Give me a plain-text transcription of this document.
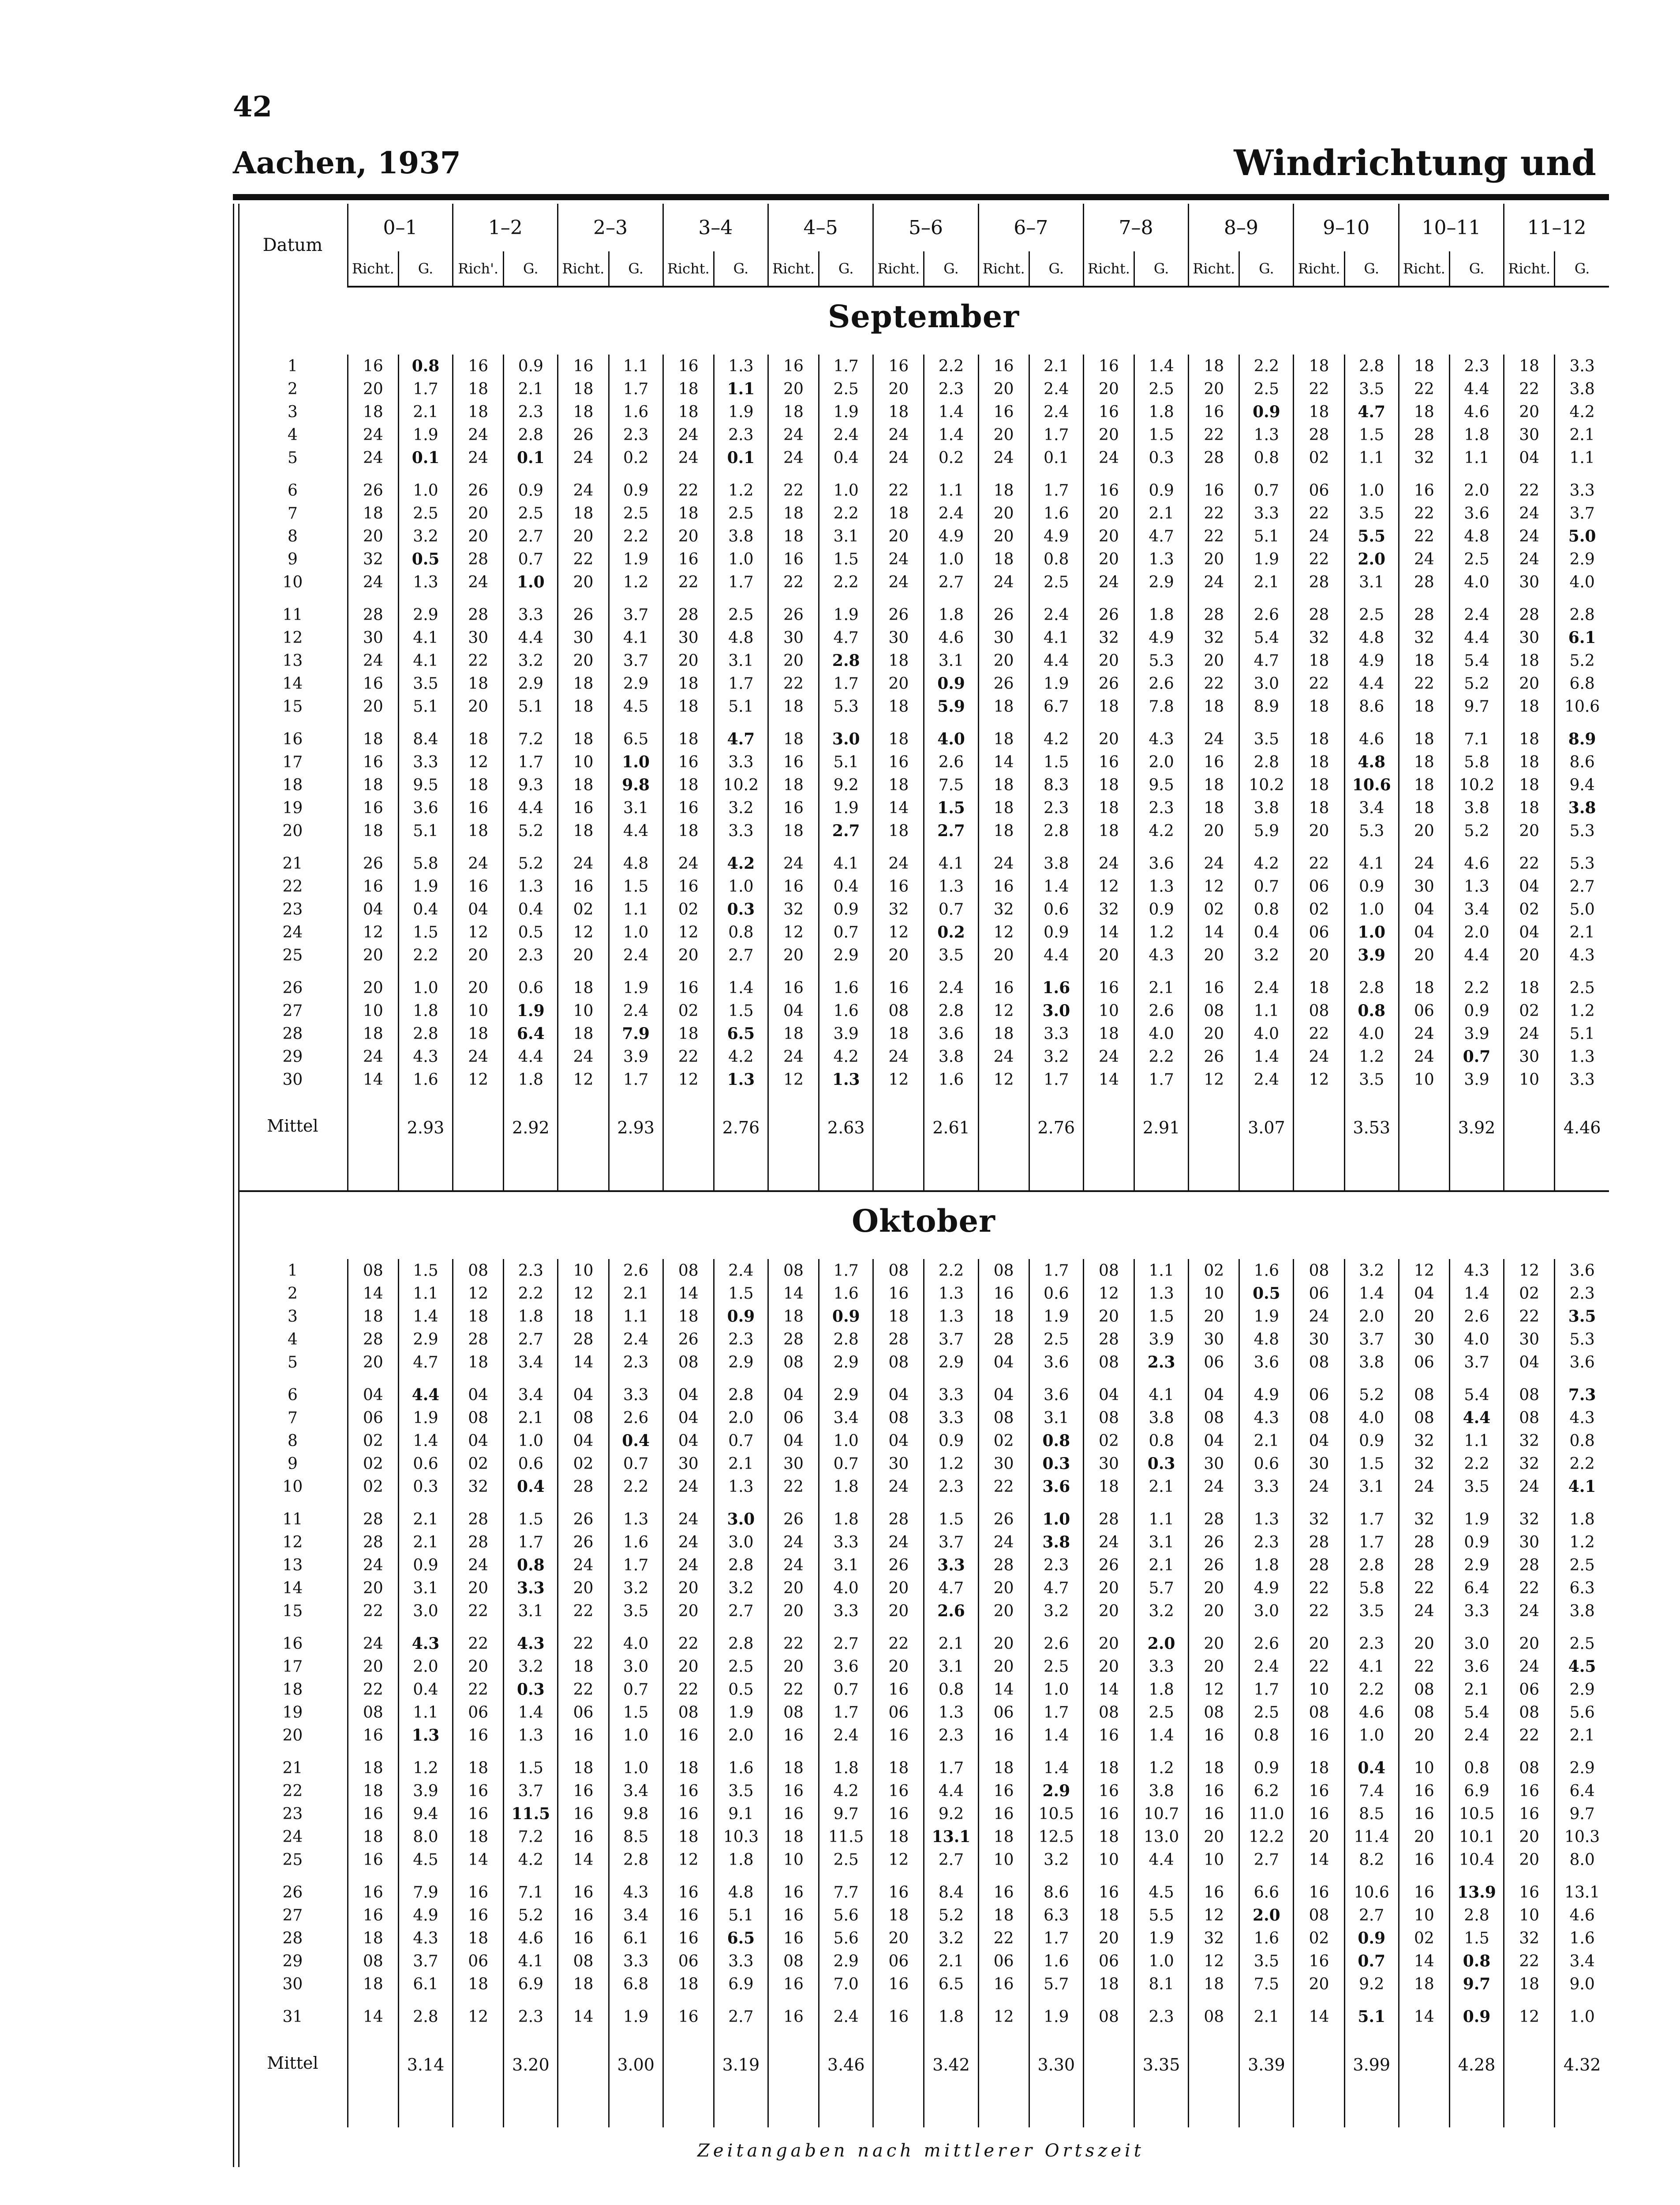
42
Aachen, 1937	Windrichtung und
Datum	0–1		1–2		2–3		3–4		4–5		5–6		6–7		7–8		8–9		9–10		10–11		11–12	
	Richt.	G.	Rich'.	G.	Richt.	G.	Richt.	G.	Richt.	G.	Richt.	G.	Richt.	G.	Richt.	G.	Richt.	G.	Richt.	G.	Richt.	G.	Richt.	G.
September																								

1	16	0.8	16	0.9	16	1.1	16	1.3	16	1.7	16	2.2	16	2.1	16	1.4	18	2.2	18	2.8	18	2.3	18	3.3
2	20	1.7	18	2.1	18	1.7	18	1.1	20	2.5	20	2.3	20	2.4	20	2.5	20	2.5	22	3.5	22	4.4	22	3.8
3	18	2.1	18	2.3	18	1.6	18	1.9	18	1.9	18	1.4	16	2.4	16	1.8	16	0.9	18	4.7	18	4.6	20	4.2
4	24	1.9	24	2.8	26	2.3	24	2.3	24	2.4	24	1.4	20	1.7	20	1.5	22	1.3	28	1.5	28	1.8	30	2.1
5	24	0.1	24	0.1	24	0.2	24	0.1	24	0.4	24	0.2	24	0.1	24	0.3	28	0.8	02	1.1	32	1.1	04	1.1

6	26	1.0	26	0.9	24	0.9	22	1.2	22	1.0	22	1.1	18	1.7	16	0.9	16	0.7	06	1.0	16	2.0	22	3.3
7	18	2.5	20	2.5	18	2.5	18	2.5	18	2.2	18	2.4	20	1.6	20	2.1	22	3.3	22	3.5	22	3.6	24	3.7
8	20	3.2	20	2.7	20	2.2	20	3.8	18	3.1	20	4.9	20	4.9	20	4.7	22	5.1	24	5.5	22	4.8	24	5.0
9	32	0.5	28	0.7	22	1.9	16	1.0	16	1.5	24	1.0	18	0.8	20	1.3	20	1.9	22	2.0	24	2.5	24	2.9
10	24	1.3	24	1.0	20	1.2	22	1.7	22	2.2	24	2.7	24	2.5	24	2.9	24	2.1	28	3.1	28	4.0	30	4.0

11	28	2.9	28	3.3	26	3.7	28	2.5	26	1.9	26	1.8	26	2.4	26	1.8	28	2.6	28	2.5	28	2.4	28	2.8
12	30	4.1	30	4.4	30	4.1	30	4.8	30	4.7	30	4.6	30	4.1	32	4.9	32	5.4	32	4.8	32	4.4	30	6.1
13	24	4.1	22	3.2	20	3.7	20	3.1	20	2.8	18	3.1	20	4.4	20	5.3	20	4.7	18	4.9	18	5.4	18	5.2
14	16	3.5	18	2.9	18	2.9	18	1.7	22	1.7	20	0.9	26	1.9	26	2.6	22	3.0	22	4.4	22	5.2	20	6.8
15	20	5.1	20	5.1	18	4.5	18	5.1	18	5.3	18	5.9	18	6.7	18	7.8	18	8.9	18	8.6	18	9.7	18	10.6

16	18	8.4	18	7.2	18	6.5	18	4.7	18	3.0	18	4.0	18	4.2	20	4.3	24	3.5	18	4.6	18	7.1	18	8.9
17	16	3.3	12	1.7	10	1.0	16	3.3	16	5.1	16	2.6	14	1.5	16	2.0	16	2.8	18	4.8	18	5.8	18	8.6
18	18	9.5	18	9.3	18	9.8	18	10.2	18	9.2	18	7.5	18	8.3	18	9.5	18	10.2	18	10.6	18	10.2	18	9.4
19	16	3.6	16	4.4	16	3.1	16	3.2	16	1.9	14	1.5	18	2.3	18	2.3	18	3.8	18	3.4	18	3.8	18	3.8
20	18	5.1	18	5.2	18	4.4	18	3.3	18	2.7	18	2.7	18	2.8	18	4.2	20	5.9	20	5.3	20	5.2	20	5.3

21	26	5.8	24	5.2	24	4.8	24	4.2	24	4.1	24	4.1	24	3.8	24	3.6	24	4.2	22	4.1	24	4.6	22	5.3
22	16	1.9	16	1.3	16	1.5	16	1.0	16	0.4	16	1.3	16	1.4	12	1.3	12	0.7	06	0.9	30	1.3	04	2.7
23	04	0.4	04	0.4	02	1.1	02	0.3	32	0.9	32	0.7	32	0.6	32	0.9	02	0.8	02	1.0	04	3.4	02	5.0
24	12	1.5	12	0.5	12	1.0	12	0.8	12	0.7	12	0.2	12	0.9	14	1.2	14	0.4	06	1.0	04	2.0	04	2.1
25	20	2.2	20	2.3	20	2.4	20	2.7	20	2.9	20	3.5	20	4.4	20	4.3	20	3.2	20	3.9	20	4.4	20	4.3

26	20	1.0	20	0.6	18	1.9	16	1.4	16	1.6	16	2.4	16	1.6	16	2.1	16	2.4	18	2.8	18	2.2	18	2.5
27	10	1.8	10	1.9	10	2.4	02	1.5	04	1.6	08	2.8	12	3.0	10	2.6	08	1.1	08	0.8	06	0.9	02	1.2
28	18	2.8	18	6.4	18	7.9	18	6.5	18	3.9	18	3.6	18	3.3	18	4.0	20	4.0	22	4.0	24	3.9	24	5.1
29	24	4.3	24	4.4	24	3.9	22	4.2	24	4.2	24	3.8	24	3.2	24	2.2	26	1.4	24	1.2	24	0.7	30	1.3
30	14	1.6	12	1.8	12	1.7	12	1.3	12	1.3	12	1.6	12	1.7	14	1.7	12	2.4	12	3.5	10	3.9	10	3.3

Mittel		2.93		2.92		2.93		2.76		2.63		2.61		2.76		2.91		3.07		3.53		3.92		4.46

Oktober																								

1	08	1.5	08	2.3	10	2.6	08	2.4	08	1.7	08	2.2	08	1.7	08	1.1	02	1.6	08	3.2	12	4.3	12	3.6
2	14	1.1	12	2.2	12	2.1	14	1.5	14	1.6	16	1.3	16	0.6	12	1.3	10	0.5	06	1.4	04	1.4	02	2.3
3	18	1.4	18	1.8	18	1.1	18	0.9	18	0.9	18	1.3	18	1.9	20	1.5	20	1.9	24	2.0	20	2.6	22	3.5
4	28	2.9	28	2.7	28	2.4	26	2.3	28	2.8	28	3.7	28	2.5	28	3.9	30	4.8	30	3.7	30	4.0	30	5.3
5	20	4.7	18	3.4	14	2.3	08	2.9	08	2.9	08	2.9	04	3.6	08	2.3	06	3.6	08	3.8	06	3.7	04	3.6

6	04	4.4	04	3.4	04	3.3	04	2.8	04	2.9	04	3.3	04	3.6	04	4.1	04	4.9	06	5.2	08	5.4	08	7.3
7	06	1.9	08	2.1	08	2.6	04	2.0	06	3.4	08	3.3	08	3.1	08	3.8	08	4.3	08	4.0	08	4.4	08	4.3
8	02	1.4	04	1.0	04	0.4	04	0.7	04	1.0	04	0.9	02	0.8	02	0.8	04	2.1	04	0.9	32	1.1	32	0.8
9	02	0.6	02	0.6	02	0.7	30	2.1	30	0.7	30	1.2	30	0.3	30	0.3	30	0.6	30	1.5	32	2.2	32	2.2
10	02	0.3	32	0.4	28	2.2	24	1.3	22	1.8	24	2.3	22	3.6	18	2.1	24	3.3	24	3.1	24	3.5	24	4.1

11	28	2.1	28	1.5	26	1.3	24	3.0	26	1.8	28	1.5	26	1.0	28	1.1	28	1.3	32	1.7	32	1.9	32	1.8
12	28	2.1	28	1.7	26	1.6	24	3.0	24	3.3	24	3.7	24	3.8	24	3.1	26	2.3	28	1.7	28	0.9	30	1.2
13	24	0.9	24	0.8	24	1.7	24	2.8	24	3.1	26	3.3	28	2.3	26	2.1	26	1.8	28	2.8	28	2.9	28	2.5
14	20	3.1	20	3.3	20	3.2	20	3.2	20	4.0	20	4.7	20	4.7	20	5.7	20	4.9	22	5.8	22	6.4	22	6.3
15	22	3.0	22	3.1	22	3.5	20	2.7	20	3.3	20	2.6	20	3.2	20	3.2	20	3.0	22	3.5	24	3.3	24	3.8

16	24	4.3	22	4.3	22	4.0	22	2.8	22	2.7	22	2.1	20	2.6	20	2.0	20	2.6	20	2.3	20	3.0	20	2.5
17	20	2.0	20	3.2	18	3.0	20	2.5	20	3.6	20	3.1	20	2.5	20	3.3	20	2.4	22	4.1	22	3.6	24	4.5
18	22	0.4	22	0.3	22	0.7	22	0.5	22	0.7	16	0.8	14	1.0	14	1.8	12	1.7	10	2.2	08	2.1	06	2.9
19	08	1.1	06	1.4	06	1.5	08	1.9	08	1.7	06	1.3	06	1.7	08	2.5	08	2.5	08	4.6	08	5.4	08	5.6
20	16	1.3	16	1.3	16	1.0	16	2.0	16	2.4	16	2.3	16	1.4	16	1.4	16	0.8	16	1.0	20	2.4	22	2.1

21	18	1.2	18	1.5	18	1.0	18	1.6	18	1.8	18	1.7	18	1.4	18	1.2	18	0.9	18	0.4	10	0.8	08	2.9
22	18	3.9	16	3.7	16	3.4	16	3.5	16	4.2	16	4.4	16	2.9	16	3.8	16	6.2	16	7.4	16	6.9	16	6.4
23	16	9.4	16	11.5	16	9.8	16	9.1	16	9.7	16	9.2	16	10.5	16	10.7	16	11.0	16	8.5	16	10.5	16	9.7
24	18	8.0	18	7.2	16	8.5	18	10.3	18	11.5	18	13.1	18	12.5	18	13.0	20	12.2	20	11.4	20	10.1	20	10.3
25	16	4.5	14	4.2	14	2.8	12	1.8	10	2.5	12	2.7	10	3.2	10	4.4	10	2.7	14	8.2	16	10.4	20	8.0

26	16	7.9	16	7.1	16	4.3	16	4.8	16	7.7	16	8.4	16	8.6	16	4.5	16	6.6	16	10.6	16	13.9	16	13.1
27	16	4.9	16	5.2	16	3.4	16	5.1	16	5.6	18	5.2	18	6.3	18	5.5	12	2.0	08	2.7	10	2.8	10	4.6
28	18	4.3	18	4.6	16	6.1	16	6.5	16	5.6	20	3.2	22	1.7	20	1.9	32	1.6	02	0.9	02	1.5	32	1.6
29	08	3.7	06	4.1	08	3.3	06	3.3	08	2.9	06	2.1	06	1.6	06	1.0	12	3.5	16	0.7	14	0.8	22	3.4
30	18	6.1	18	6.9	18	6.8	18	6.9	16	7.0	16	6.5	16	5.7	18	8.1	18	7.5	20	9.2	18	9.7	18	9.0

31	14	2.8	12	2.3	14	1.9	16	2.7	16	2.4	16	1.8	12	1.9	08	2.3	08	2.1	14	5.1	14	0.9	12	1.0

Mittel		3.14		3.20		3.00		3.19		3.46		3.42		3.30		3.35		3.39		3.99		4.28		4.32

Zeitangaben nach mittlerer Ortszeit
